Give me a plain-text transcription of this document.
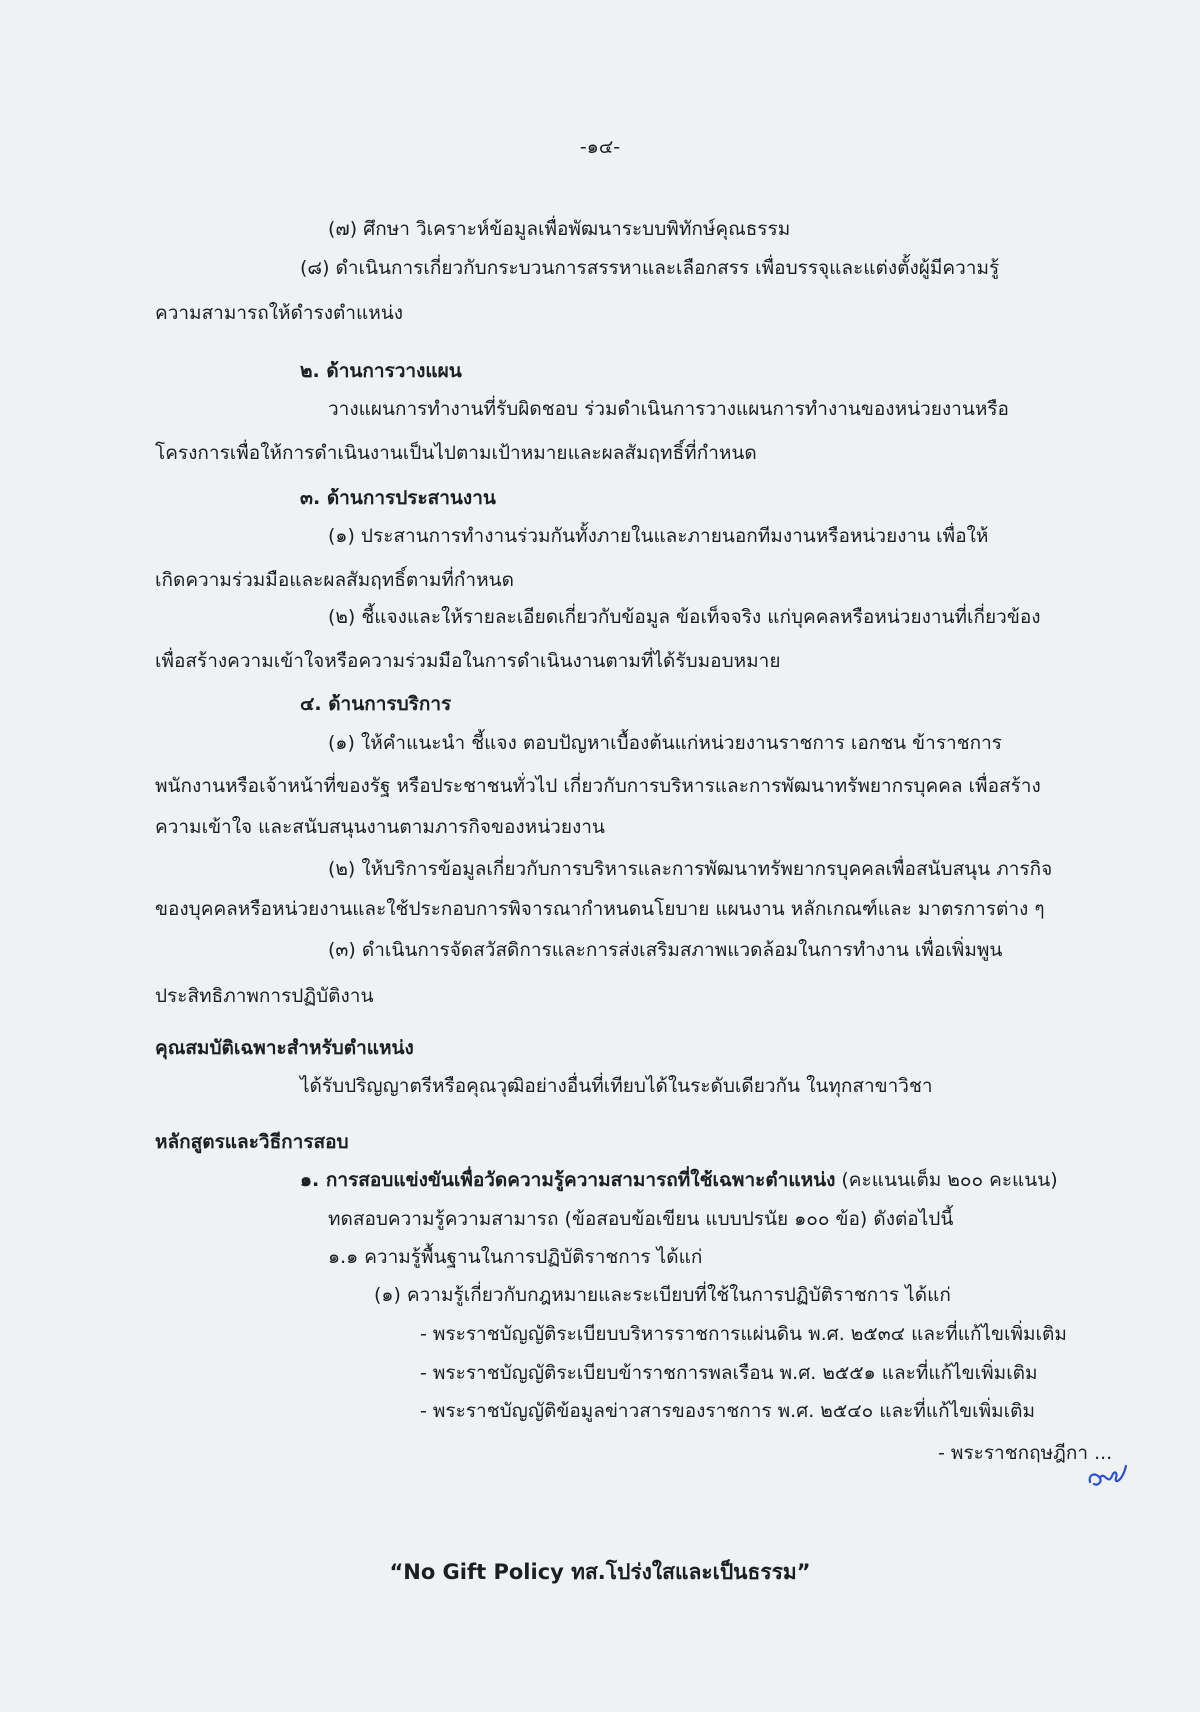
-๑๔-
(๗) ศึกษา วิเคราะห์ข้อมูลเพื่อพัฒนาระบบพิทักษ์คุณธรรม
(๘) ดำเนินการเกี่ยวกับกระบวนการสรรหาและเลือกสรร เพื่อบรรจุและแต่งตั้งผู้มีความรู้
ความสามารถให้ดำรงตำแหน่ง
๒. ด้านการวางแผน
วางแผนการทำงานที่รับผิดชอบ ร่วมดำเนินการวางแผนการทำงานของหน่วยงานหรือ
โครงการเพื่อให้การดำเนินงานเป็นไปตามเป้าหมายและผลสัมฤทธิ์ที่กำหนด
๓. ด้านการประสานงาน
(๑) ประสานการทำงานร่วมกันทั้งภายในและภายนอกทีมงานหรือหน่วยงาน เพื่อให้
เกิดความร่วมมือและผลสัมฤทธิ์ตามที่กำหนด
(๒) ชี้แจงและให้รายละเอียดเกี่ยวกับข้อมูล ข้อเท็จจริง แก่บุคคลหรือหน่วยงานที่เกี่ยวข้อง
เพื่อสร้างความเข้าใจหรือความร่วมมือในการดำเนินงานตามที่ได้รับมอบหมาย
๔. ด้านการบริการ
(๑) ให้คำแนะนำ ชี้แจง ตอบปัญหาเบื้องต้นแก่หน่วยงานราชการ เอกชน ข้าราชการ
พนักงานหรือเจ้าหน้าที่ของรัฐ หรือประชาชนทั่วไป เกี่ยวกับการบริหารและการพัฒนาทรัพยากรบุคคล เพื่อสร้าง
ความเข้าใจ และสนับสนุนงานตามภารกิจของหน่วยงาน
(๒) ให้บริการข้อมูลเกี่ยวกับการบริหารและการพัฒนาทรัพยากรบุคคลเพื่อสนับสนุน ภารกิจ
ของบุคคลหรือหน่วยงานและใช้ประกอบการพิจารณากำหนดนโยบาย แผนงาน หลักเกณฑ์และ มาตรการต่าง ๆ
(๓) ดำเนินการจัดสวัสดิการและการส่งเสริมสภาพแวดล้อมในการทำงาน เพื่อเพิ่มพูน
ประสิทธิภาพการปฏิบัติงาน
คุณสมบัติเฉพาะสำหรับตำแหน่ง
ได้รับปริญญาตรีหรือคุณวุฒิอย่างอื่นที่เทียบได้ในระดับเดียวกัน ในทุกสาขาวิชา
หลักสูตรและวิธีการสอบ
๑. การสอบแข่งขันเพื่อวัดความรู้ความสามารถที่ใช้เฉพาะตำแหน่ง (คะแนนเต็ม ๒๐๐ คะแนน)
ทดสอบความรู้ความสามารถ (ข้อสอบข้อเขียน แบบปรนัย ๑๐๐ ข้อ) ดังต่อไปนี้
๑.๑ ความรู้พื้นฐานในการปฏิบัติราชการ ได้แก่
(๑) ความรู้เกี่ยวกับกฎหมายและระเบียบที่ใช้ในการปฏิบัติราชการ ได้แก่
- พระราชบัญญัติระเบียบบริหารราชการแผ่นดิน พ.ศ. ๒๕๓๔ และที่แก้ไขเพิ่มเติม
- พระราชบัญญัติระเบียบข้าราชการพลเรือน พ.ศ. ๒๕๕๑ และที่แก้ไขเพิ่มเติม
- พระราชบัญญัติข้อมูลข่าวสารของราชการ พ.ศ. ๒๕๔๐ และที่แก้ไขเพิ่มเติม
- พระราชกฤษฎีกา ...
“No Gift Policy ทส.โปร่งใสและเป็นธรรม”
